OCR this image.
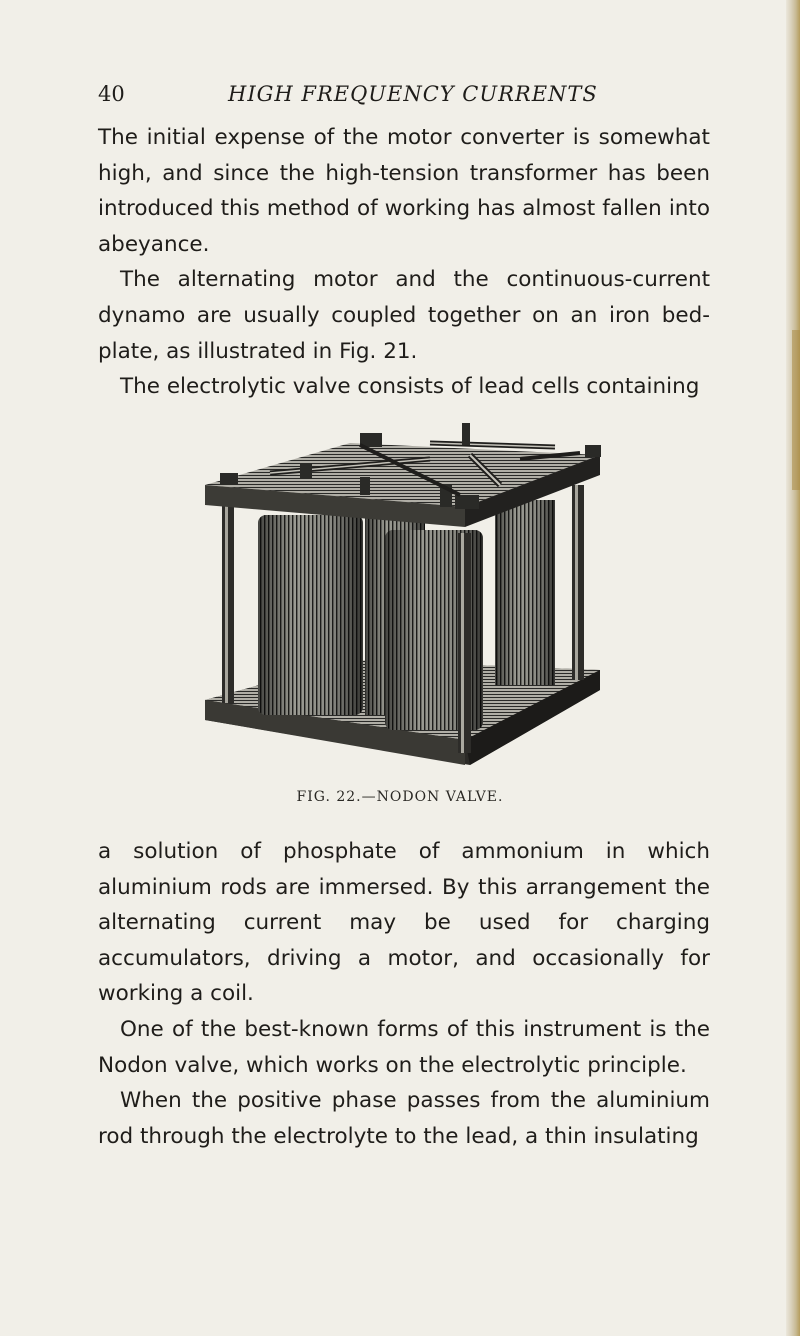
40	HIGH FREQUENCY CURRENTS

The initial expense of the motor converter is somewhat high, and since the high-tension transformer has been introduced this method of working has almost fallen into abeyance.

The alternating motor and the continuous-current dynamo are usually coupled together on an iron bed-plate, as illustrated in Fig. 21.

The electrolytic valve consists of lead cells containing

FIG. 22.—NODON VALVE.

a solution of phosphate of ammonium in which aluminium rods are immersed. By this arrangement the alternating current may be used for charging accumulators, driving a motor, and occasionally for working a coil.

One of the best-known forms of this instrument is the Nodon valve, which works on the electrolytic principle.

When the positive phase passes from the aluminium rod through the electrolyte to the lead, a thin insulating
